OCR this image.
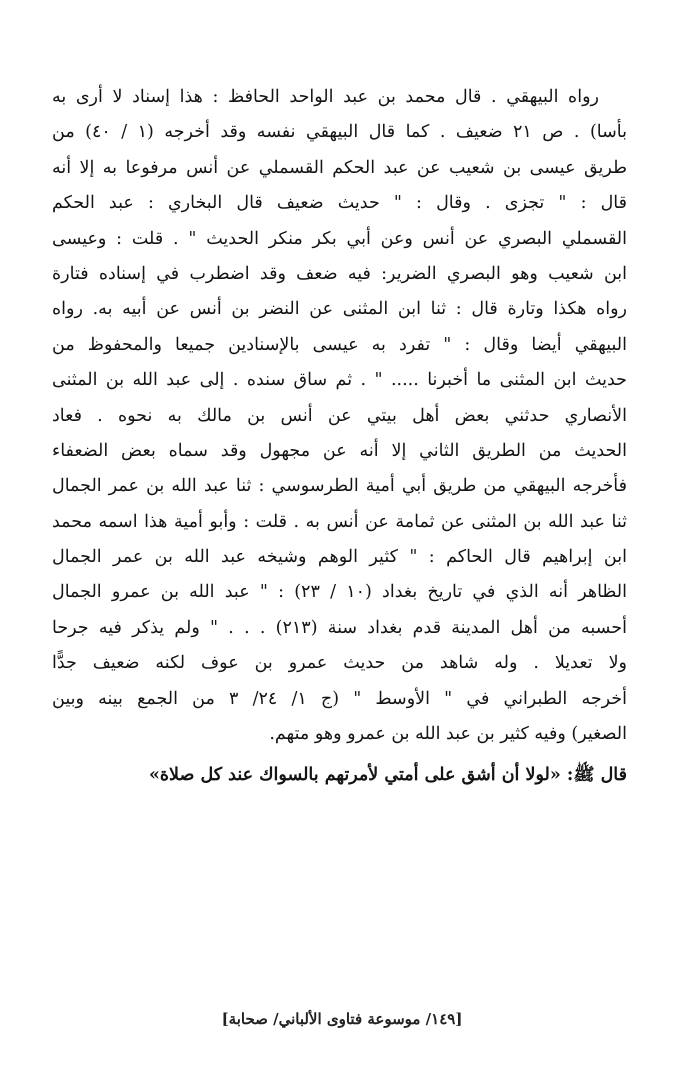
رواه البيهقي . قال محمد بن عبد الواحد الحافظ : هذا إسناد لا أرى به
بأسا) . ص ٢١ ضعيف . كما قال البيهقي نفسه وقد أخرجه (١ / ٤٠) من
طريق عيسى بن شعيب عن عبد الحكم القسملي عن أنس مرفوعا به إلا أنه
قال : " تجزى . وقال : " حديث ضعيف قال البخاري : عبد الحكم
القسملي البصري عن أنس وعن أبي بكر منكر الحديث " . قلت : وعيسى
ابن شعيب وهو البصري الضرير: فيه ضعف وقد اضطرب في إسناده فتارة
رواه هكذا وتارة قال : ثنا ابن المثنى عن النضر بن أنس عن أبيه به. رواه
البيهقي أيضا وقال : " تفرد به عيسى بالإسنادين جميعا والمحفوظ من
حديث ابن المثنى ما أخبرنا ..... " . ثم ساق سنده . إلى عبد الله بن المثنى
الأنصاري حدثني بعض أهل بيتي عن أنس بن مالك به نحوه . فعاد
الحديث من الطريق الثاني إلا أنه عن مجهول وقد سماه بعض الضعفاء
فأخرجه البيهقي من طريق أبي أمية الطرسوسي : ثنا عبد الله بن عمر الجمال
ثنا عبد الله بن المثنى عن ثمامة عن أنس به . قلت : وأبو أمية هذا اسمه محمد
ابن إبراهيم قال الحاكم : " كثير الوهم وشيخه عبد الله بن عمر الجمال
الظاهر أنه الذي في تاريخ بغداد (١٠ / ٢٣) : " عبد الله بن عمرو الجمال
أحسبه من أهل المدينة قدم بغداد سنة (٢١٣) . . . " ولم يذكر فيه جرحا
ولا تعديلا . وله شاهد من حديث عمرو بن عوف لكنه ضعيف جدًّا
أخرجه الطبراني في " الأوسط " (ج ١/ ٢٤/ ٣ من الجمع بينه وبين
الصغير) وفيه كثير بن عبد الله بن عمرو وهو متهم.
قال ﷺ: «لولا أن أشق على أمتي لأمرتهم بالسواك عند كل صلاة»
[١٤٩/ موسوعة فتاوى الألباني/ صحابة]
